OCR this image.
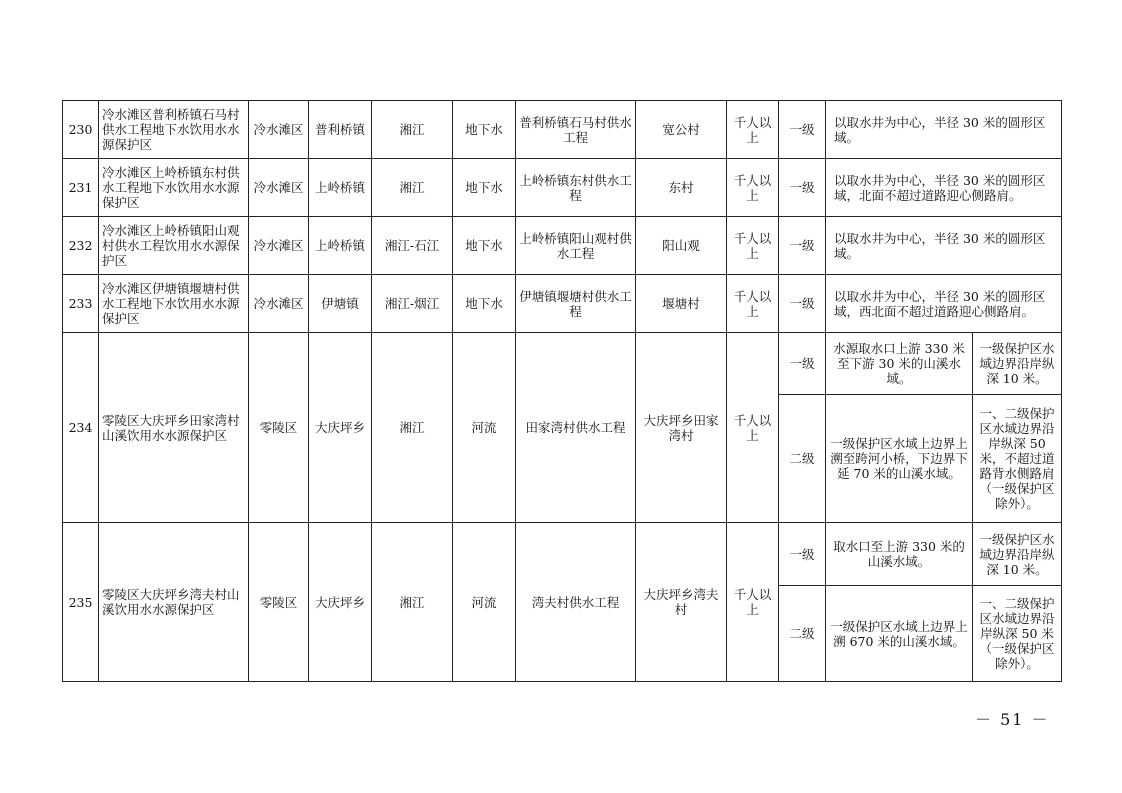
230	冷水滩区普利桥镇石马村供水工程地下水饮用水水源保护区	冷水滩区	普利桥镇	湘江	地下水	普利桥镇石马村供水工程	宽公村	千人以上	一级	以取水井为中心，半径 30 米的圆形区域。	
231	冷水滩区上岭桥镇东村供水工程地下水饮用水水源保护区	冷水滩区	上岭桥镇	湘江	地下水	上岭桥镇东村供水工程	东村	千人以上	一级	以取水井为中心，半径 30 米的圆形区域，北面不超过道路迎心侧路肩。	
232	冷水滩区上岭桥镇阳山观村供水工程饮用水水源保护区	冷水滩区	上岭桥镇	湘江-石江	地下水	上岭桥镇阳山观村供水工程	阳山观	千人以上	一级	以取水井为中心，半径 30 米的圆形区域。	
233	冷水滩区伊塘镇堰塘村供水工程地下水饮用水水源保护区	冷水滩区	伊塘镇	湘江-烟江	地下水	伊塘镇堰塘村供水工程	堰塘村	千人以上	一级	以取水井为中心，半径 30 米的圆形区域，西北面不超过道路迎心侧路肩。	
234	零陵区大庆坪乡田家湾村山溪饮用水水源保护区	零陵区	大庆坪乡	湘江	河流	田家湾村供水工程	大庆坪乡田家湾村	千人以上	一级	水源取水口上游 330 米至下游 30 米的山溪水域。	一级保护区水域边界沿岸纵深 10 米。
									二级	一级保护区水域上边界上溯至跨河小桥，下边界下延 70 米的山溪水域。	一、二级保护区水域边界沿岸纵深 50 米，不超过道路背水侧路肩（一级保护区除外）。
235	零陵区大庆坪乡湾夫村山溪饮用水水源保护区	零陵区	大庆坪乡	湘江	河流	湾夫村供水工程	大庆坪乡湾夫村	千人以上	一级	取水口至上游 330 米的山溪水域。	一级保护区水域边界沿岸纵深 10 米。
									二级	一级保护区水域上边界上溯 670 米的山溪水域。	一、二级保护区水域边界沿岸纵深 50 米（一级保护区除外）。
－ 51 －
